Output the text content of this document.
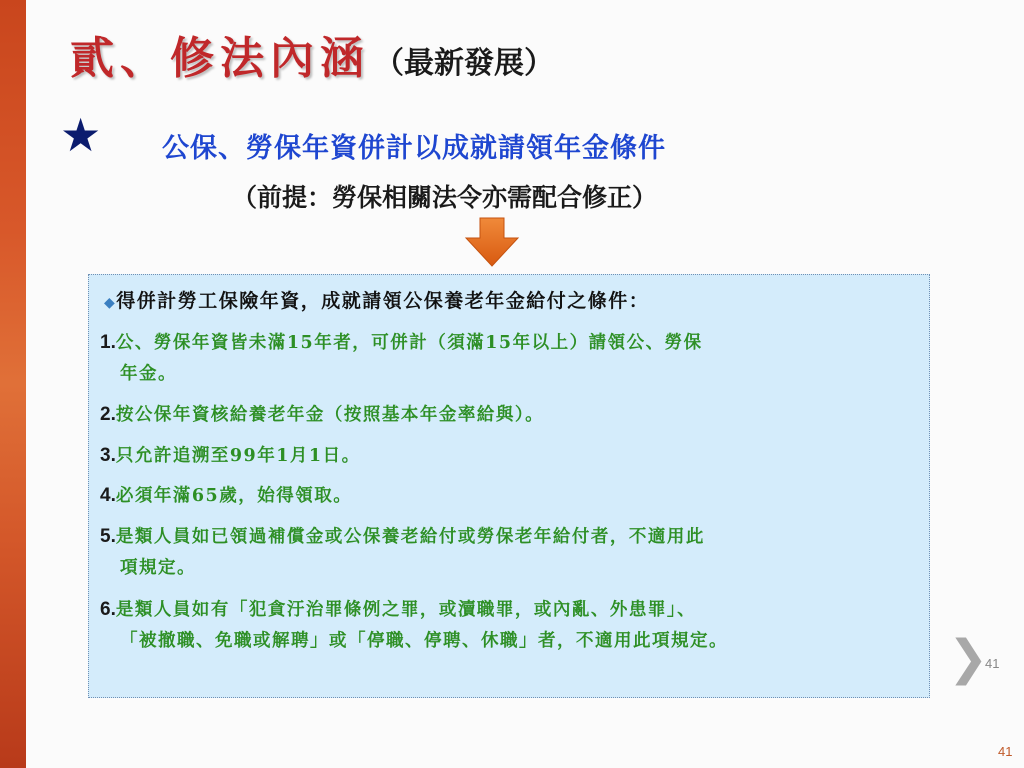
貳、修法內涵 （最新發展）
★ 公保、勞保年資併計以成就請領年金條件
（前提：勞保相關法令亦需配合修正）
◆得併計勞工保險年資，成就請領公保養老年金給付之條件：
1.公、勞保年資皆未滿15年者，可併計（須滿15年以上）請領公、勞保
年金。
2.按公保年資核給養老年金（按照基本年金率給與）。
3.只允許追溯至99年1月1日。
4.必須年滿65歲，始得領取。
5.是類人員如已領過補償金或公保養老給付或勞保老年給付者，不適用此
項規定。
6.是類人員如有「犯貪汙治罪條例之罪，或瀆職罪，或內亂、外患罪」、
「被撤職、免職或解聘」或「停職、停聘、休職」者，不適用此項規定。	❯
41
41
